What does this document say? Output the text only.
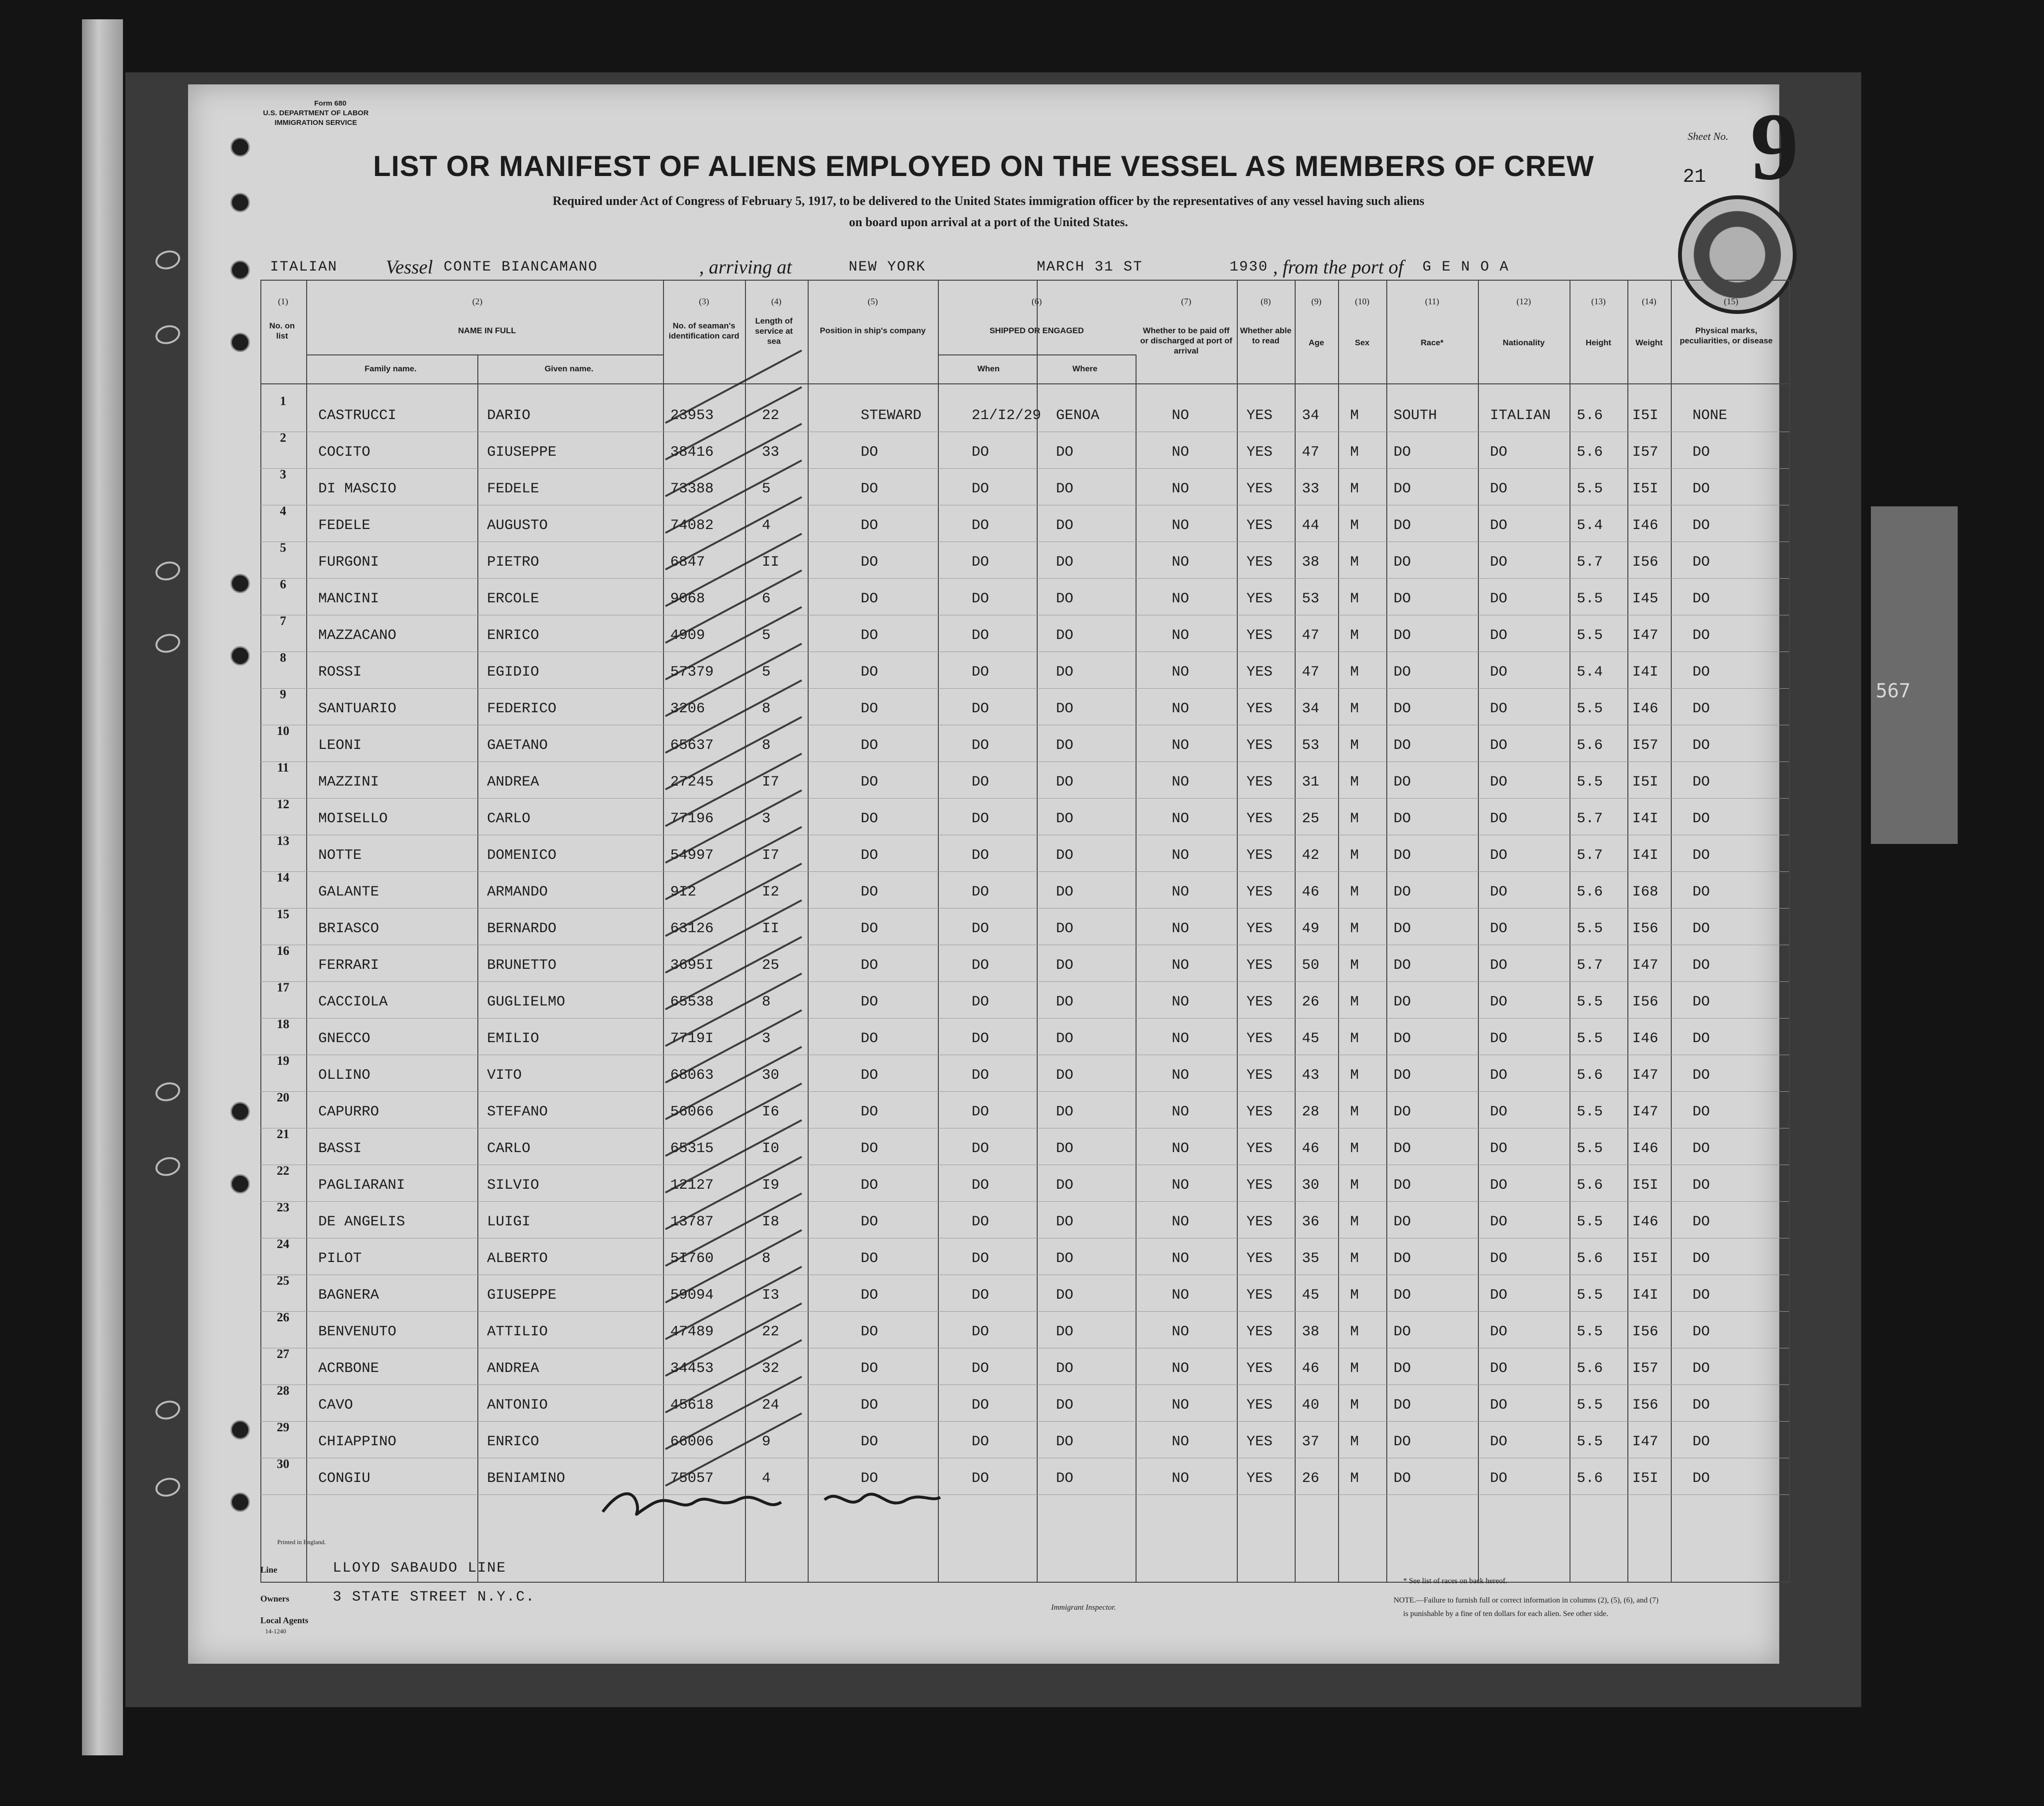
567
Form 680
U.S. DEPARTMENT OF LABOR
IMMIGRATION SERVICE
Sheet No. 9
21
LIST OR MANIFEST OF ALIENS EMPLOYED ON THE VESSEL AS MEMBERS OF CREW
Required under Act of Congress of February 5, 1917, to be delivered to the United States immigration officer by the representatives of any vessel having such aliens
on board upon arrival at a port of the United States.
ITALIAN Vessel CONTE BIANCAMANO	, arriving at	NEW YORK	MARCH 31 ST	1930 , from the port of G E N O A
No. on list
NAME IN FULL
Family name.	Given name.
No. of seaman's identification card
Length of service at sea
Position in ship's company	SHIPPED OR ENGAGED
When	Where
Whether to be paid off or discharged at port of arrival
Whether able to read	Age	Sex	Race*	Nationality	Height	Weight
Physical marks, peculiarities, or disease
(1)	(2)	(3)	(4)	(5)	(6)	(7)	(8)	(9)	(10)	(11)	(12)	(13)	(14)	(15)
1
CASTRUCCI	DARIO	23953	22	STEWARD	21/I2/29 GENOA	NO	YES 34 M SOUTH	ITALIAN 5.6 I5I NONE
2
COCITO	GIUSEPPE	38416	33	DO	DO	DO	NO	YES 47 M DO	DO	5.6 I57 DO
3
DI MASCIO	FEDELE	73388	5	DO	DO	DO	NO	YES 33 M DO	DO	5.5 I5I DO
4
FEDELE	AUGUSTO	74082	4	DO	DO	DO	NO	YES 44 M DO	DO	5.4 I46 DO
5
FURGONI	PIETRO	6847	II	DO	DO	DO	NO	YES 38 M DO	DO	5.7 I56 DO
6
MANCINI	ERCOLE	9068	6	DO	DO	DO	NO	YES 53 M DO	DO	5.5 I45 DO
7
MAZZACANO	ENRICO	4909	5	DO	DO	DO	NO	YES 47 M DO	DO	5.5 I47 DO
8
ROSSI	EGIDIO	57379	5	DO	DO	DO	NO	YES 47 M DO	DO	5.4 I4I DO
9
SANTUARIO	FEDERICO	3206	8	DO	DO	DO	NO	YES 34 M DO	DO	5.5 I46 DO
10
LEONI	GAETANO	65637	8	DO	DO	DO	NO	YES 53 M DO	DO	5.6 I57 DO
11
MAZZINI	ANDREA	27245	I7	DO	DO	DO	NO	YES 31 M DO	DO	5.5 I5I DO
12
MOISELLO	CARLO	77196	3	DO	DO	DO	NO	YES 25 M DO	DO	5.7 I4I DO
13
NOTTE	DOMENICO	54997	I7	DO	DO	DO	NO	YES 42 M DO	DO	5.7 I4I DO
14
GALANTE	ARMANDO	9I2	I2	DO	DO	DO	NO	YES 46 M DO	DO	5.6 I68 DO
15
BRIASCO	BERNARDO	63126	II	DO	DO	DO	NO	YES 49 M DO	DO	5.5 I56 DO
16
FERRARI	BRUNETTO	3695I	25	DO	DO	DO	NO	YES 50 M DO	DO	5.7 I47 DO
17
CACCIOLA	GUGLIELMO	65538	8	DO	DO	DO	NO	YES 26 M DO	DO	5.5 I56 DO
18
GNECCO	EMILIO	7719I	3	DO	DO	DO	NO	YES 45 M DO	DO	5.5 I46 DO
19
OLLINO	VITO	68063	30	DO	DO	DO	NO	YES 43 M DO	DO	5.6 I47 DO
20
CAPURRO	STEFANO	56066	I6	DO	DO	DO	NO	YES 28 M DO	DO	5.5 I47 DO
21
BASSI	CARLO	65315	I0	DO	DO	DO	NO	YES 46 M DO	DO	5.5 I46 DO
22
PAGLIARANI	SILVIO	12127	I9	DO	DO	DO	NO	YES 30 M DO	DO	5.6 I5I DO
23
DE ANGELIS	LUIGI	13787	I8	DO	DO	DO	NO	YES 36 M DO	DO	5.5 I46 DO
24
PILOT	ALBERTO	5I760	8	DO	DO	DO	NO	YES 35 M DO	DO	5.6 I5I DO
25
BAGNERA	GIUSEPPE	59094	I3	DO	DO	DO	NO	YES 45 M DO	DO	5.5 I4I DO
26
BENVENUTO	ATTILIO	47489	22	DO	DO	DO	NO	YES 38 M DO	DO	5.5 I56 DO
27
ACRBONE	ANDREA	34453	32	DO	DO	DO	NO	YES 46 M DO	DO	5.6 I57 DO
28
CAVO	ANTONIO	45618	24	DO	DO	DO	NO	YES 40 M DO	DO	5.5 I56 DO
29
CHIAPPINO	ENRICO	66006	9	DO	DO	DO	NO	YES 37 M DO	DO	5.5 I47 DO
30
CONGIU	BENIAMINO	75057	4	DO	DO	DO	NO	YES 26 M DO	DO	5.6 I5I DO
Printed in England.
Line	LLOYD SABAUDO LINE
Owners	3 STATE STREET N.Y.C.
Local Agents
14-1240
Immigrant Inspector.
* See list of races on back hereof.
NOTE.—Failure to furnish full or correct information in columns (2), (5), (6), and (7)
is punishable by a fine of ten dollars for each alien. See other side.
